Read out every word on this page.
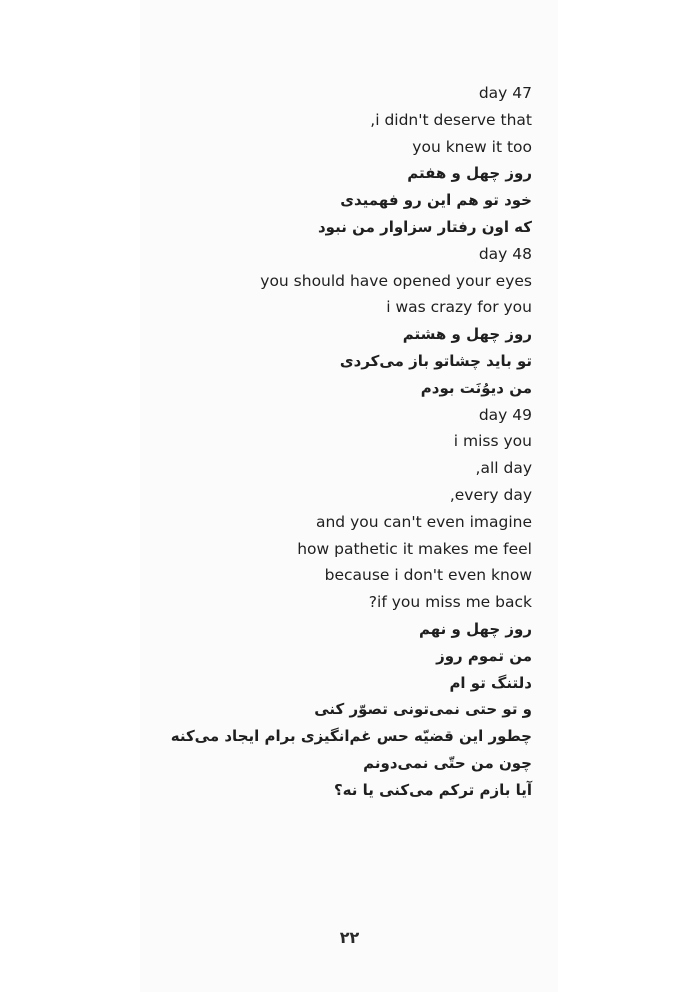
day 47
,i didn't deserve that
you knew it too
روز چهل و هفتم
خود تو هم این رو فهمیدی
که اون رفتار سزاوار من نبود
day 48
you should have opened your eyes
i was crazy for you
روز چهل و هشتم
تو باید چشاتو باز می‌کردی
من دیوُنَت بودم
day 49
i miss you
,all day
,every day
and you can't even imagine
how pathetic it makes me feel
because i don't even know
?if you miss me back
روز چهل و نهم
من تموم روز
دلتنگ تو ام
و تو حتی نمی‌تونی تصوّر کنی
چطور این قضیّه حس غم‌انگیزی برام ایجاد می‌کنه
چون من حتّی نمی‌دونم
آیا بازم ترکم می‌کنی یا نه؟
۲۲
